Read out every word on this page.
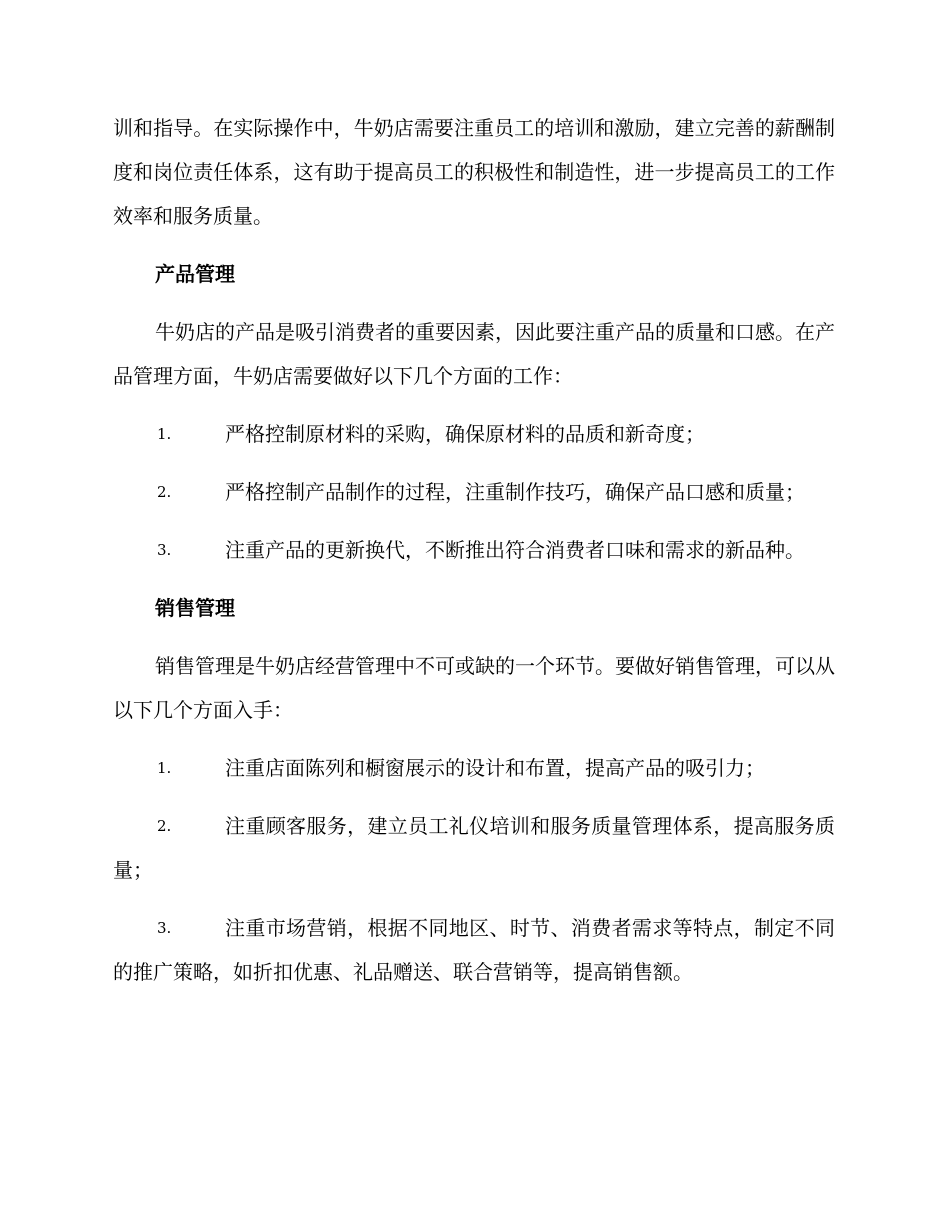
训和指导。在实际操作中，牛奶店需要注重员工的培训和激励，建立完善的薪酬制度和岗位责任体系，这有助于提高员工的积极性和制造性，进一步提高员工的工作效率和服务质量。

产品管理

牛奶店的产品是吸引消费者的重要因素，因此要注重产品的质量和口感。在产品管理方面，牛奶店需要做好以下几个方面的工作：

1.	严格控制原材料的采购，确保原材料的品质和新奇度；
2.	严格控制产品制作的过程，注重制作技巧，确保产品口感和质量；
3.	注重产品的更新换代，不断推出符合消费者口味和需求的新品种。
销售管理

销售管理是牛奶店经营管理中不可或缺的一个环节。要做好销售管理，可以从以下几个方面入手：

1.	注重店面陈列和橱窗展示的设计和布置，提高产品的吸引力；
2.	注重顾客服务，建立员工礼仪培训和服务质量管理体系，提高服务质量；
3.	注重市场营销，根据不同地区、时节、消费者需求等特点，制定不同的推广策略，如折扣优惠、礼品赠送、联合营销等，提高销售额。
